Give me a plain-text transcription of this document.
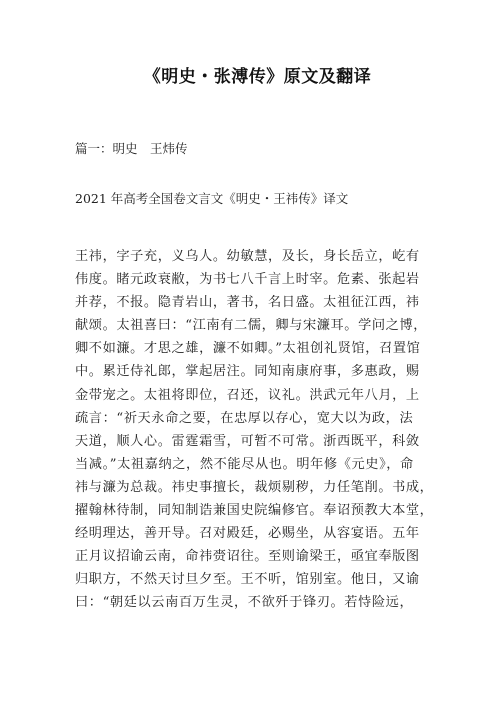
《明史・张溥传》原文及翻译

篇一：明史　王炜传

2021 年高考全国卷文言文《明史・王祎传》译文

王祎，字子充，义乌人。幼敏慧，及长，身长岳立，屹有
伟度。睹元政衰敝，为书七八千言上时宰。危素、张起岩
并荐，不报。隐青岩山，著书，名日盛。太祖征江西，祎
献颂。太祖喜曰：“江南有二儒，卿与宋濂耳。学问之博，
卿不如濂。才思之雄，濂不如卿。”太祖创礼贤馆，召置馆
中。累迁侍礼郎，掌起居注。同知南康府事，多惠政，赐
金带宠之。太祖将即位，召还，议礼。洪武元年八月，上
疏言：“祈天永命之要，在忠厚以存心，宽大以为政，法
天道，顺人心。雷霆霜雪，可暂不可常。浙西既平，科敛
当减。”太祖嘉纳之，然不能尽从也。明年修《元史》，命
祎与濂为总裁。祎史事擅长，裁烦剔秽，力任笔削。书成，
擢翰林待制，同知制诰兼国史院编修官。奉诏预教大本堂，
经明理达，善开导。召对殿廷，必赐坐，从容宴语。五年
正月议招谕云南，命祎赍诏往。至则谕梁王，亟宜奉版图
归职方，不然天讨旦夕至。王不听，馆别室。他日，又谕
曰：“朝廷以云南百万生灵，不欲歼于锋刃。若恃险远，
